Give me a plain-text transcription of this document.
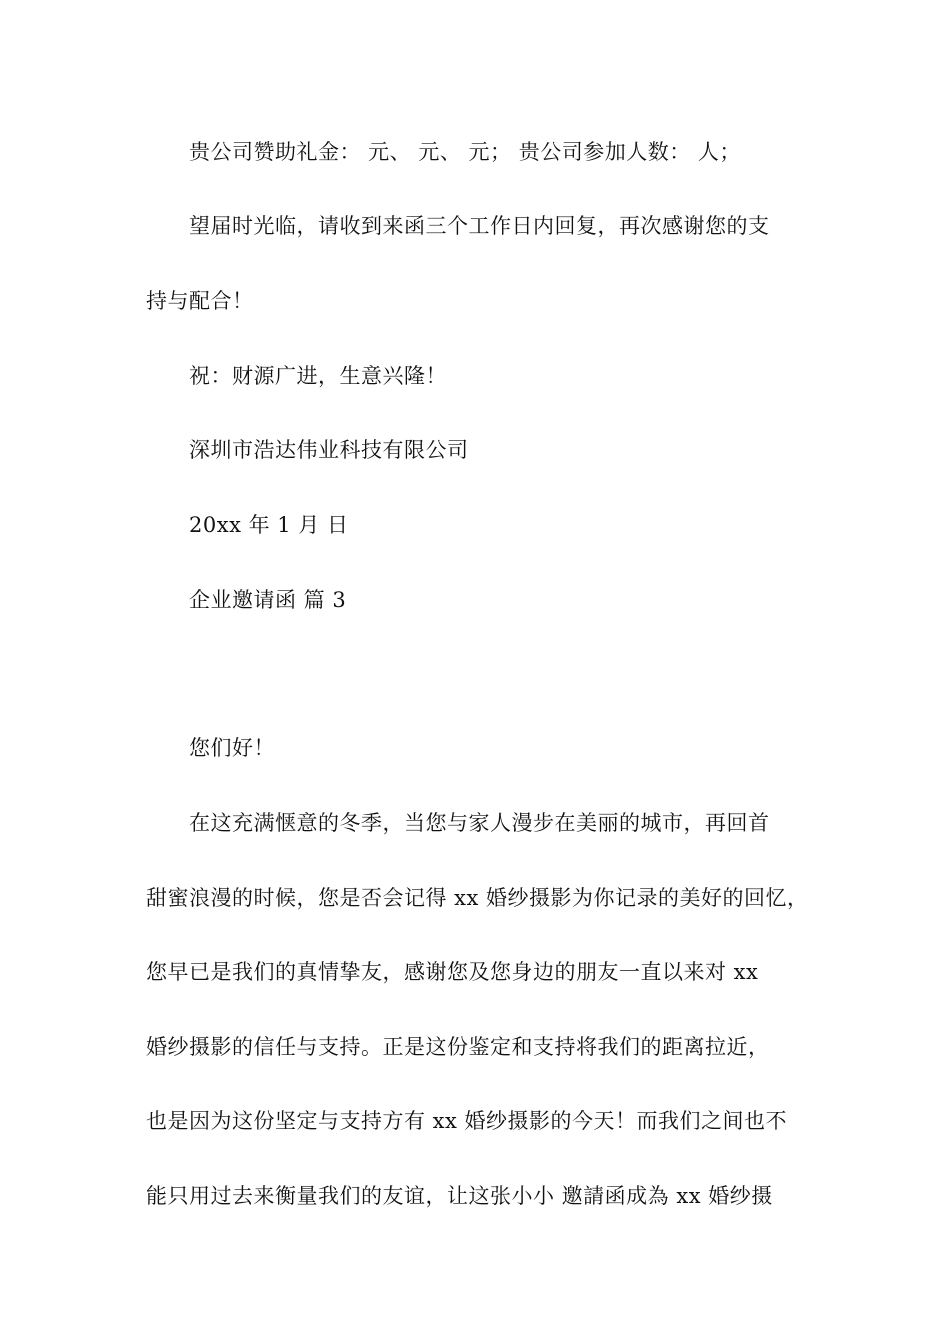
贵公司赞助礼金： 元、 元、 元； 贵公司参加人数： 人；
望届时光临，请收到来函三个工作日内回复，再次感谢您的支
持与配合！
祝：财源广进，生意兴隆！
深圳市浩达伟业科技有限公司
20xx 年 1 月 日
企业邀请函 篇 3
您们好！
在这充满惬意的冬季，当您与家人漫步在美丽的城市，再回首
甜蜜浪漫的时候，您是否会记得 xx 婚纱摄影为你记录的美好的回忆，
您早已是我们的真情挚友，感谢您及您身边的朋友一直以来对 xx
婚纱摄影的信任与支持。正是这份鉴定和支持将我们的距离拉近，
也是因为这份坚定与支持方有 xx 婚纱摄影的今天！而我们之间也不
能只用过去来衡量我们的友谊，让这张小小 邀請函成為 xx 婚纱摄
